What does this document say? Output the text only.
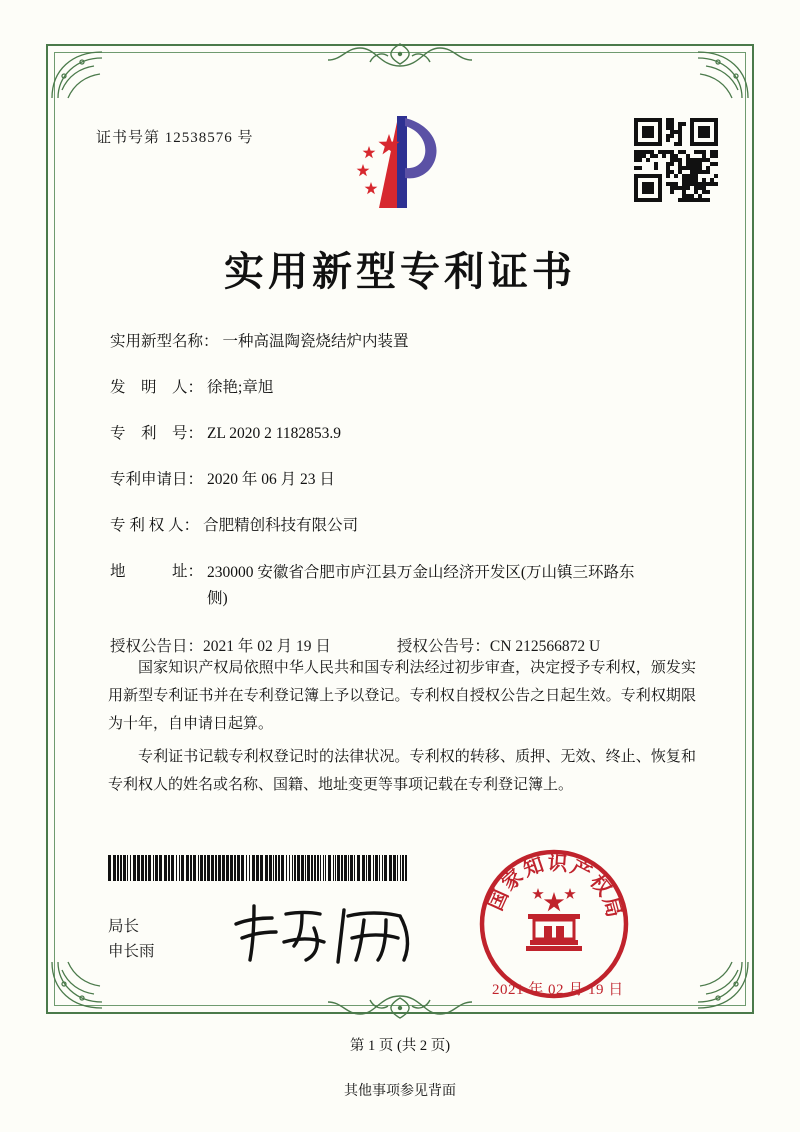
证书号第 12538576 号
实用新型专利证书
实用新型名称： 一种高温陶瓷烧结炉内装置
发　明　人： 徐艳;章旭
专　利　号： ZL 2020 2 1182853.9
专利申请日： 2020 年 06 月 23 日
专 利 权 人： 合肥精创科技有限公司
地　　　址： 230000 安徽省合肥市庐江县万金山经济开发区(万山镇三环路东侧)
授权公告日：2021 年 02 月 19 日	授权公告号：CN 212566872 U

国家知识产权局依照中华人民共和国专利法经过初步审查，决定授予专利权，颁发实用新型专利证书并在专利登记簿上予以登记。专利权自授权公告之日起生效。专利权期限为十年，自申请日起算。

专利证书记载专利权登记时的法律状况。专利权的转移、质押、无效、终止、恢复和专利权人的姓名或名称、国籍、地址变更等事项记载在专利登记簿上。

局长
申长雨
国家知识产权局
2021 年 02 月 19 日
第 1 页 (共 2 页)
其他事项参见背面
